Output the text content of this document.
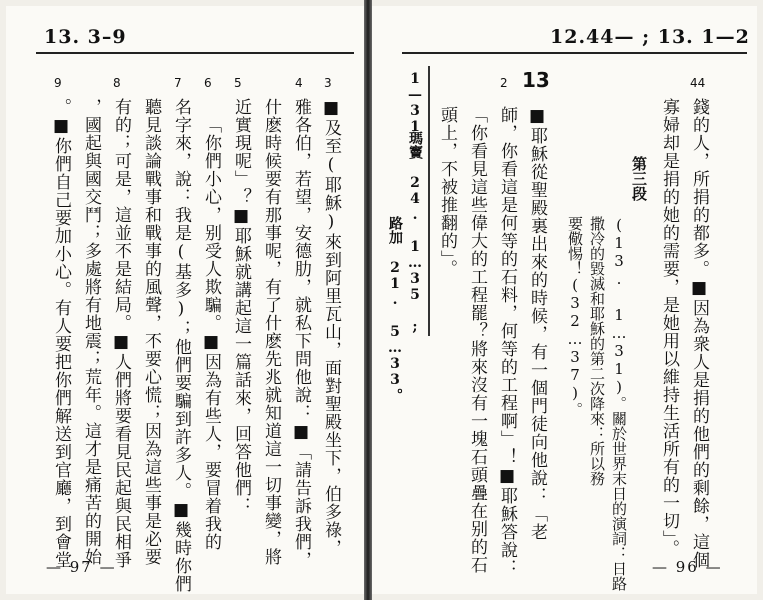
13. 3–9
3
4
5
6
7
8
9
■及至(耶穌)來到阿里瓦山，面對聖殿坐下，伯多祿，
雅各伯，若望，安德肋，就私下問他說：■「請告訴我們，
什麽時候要有那事呢，有了什麽先兆就知道這一切事變，將
近實現呢」？■耶穌就講起這一篇話來，回答他們：
「你們小心，别受人欺騙。■因為有些人，要冒着我的
名字來，說：我是(基多)；他們要騙到許多人。■幾時你們
聽見談論戰事和戰事的風聲，不要心慌；因為這些事是必要
有的；可是，這並不是結局。■人們將要看見民起與民相爭
，國起與國交鬥；多處將有地震；荒年。這才是痛苦的開始
。■你們自己要加小心。有人要把你們解送到官廳，到會堂
— 97 —
12.44— ; 13. 1—2
44
錢的人，所捐的都多。■因為衆人是捐的他們的剩餘，這個
寡婦却是捐的她的需要，是她用以維持生活所有的一切」。
第三段
(13. 1…31)。關於世界末日的演詞：日路
撒冷的毀滅和耶穌的第二次降來：所以務
要儆惕！(32…37)。
13
2
■耶穌從聖殿裏出來的時候，有一個門徒向他說：「老
師，你看這是何等的石料，何等的工程啊」！■耶穌答說：
「你看見這些偉大的工程罷？將來沒有一塊石頭疊在别的石
頭上，不被推翻的」。
1—31
瑪竇 24. 1…35 ;
路加 21. 5…33。
— 96 —
